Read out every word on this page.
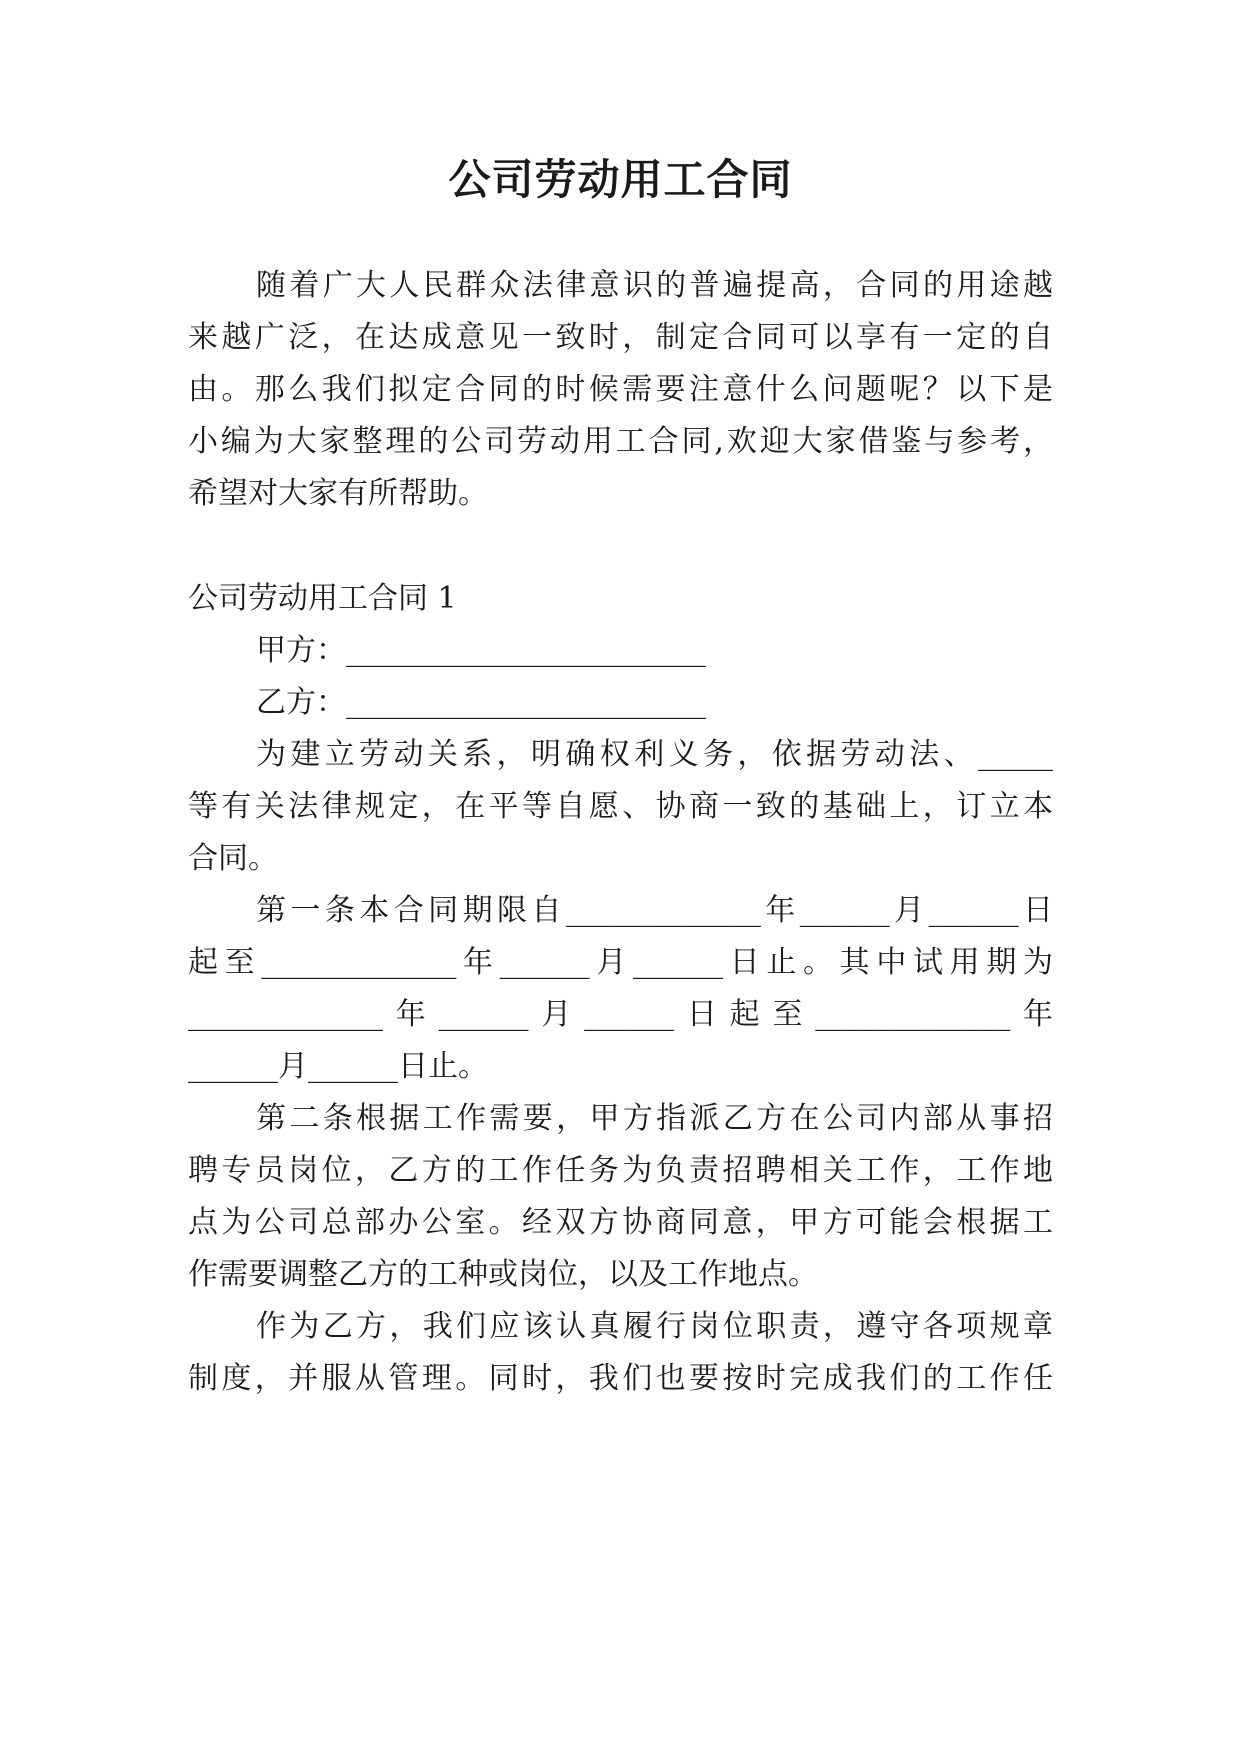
公司劳动用工合同
随着广大人民群众法律意识的普遍提高，合同的用途越
来越广泛，在达成意见一致时，制定合同可以享有一定的自
由。那么我们拟定合同的时候需要注意什么问题呢？以下是
小编为大家整理的公司劳动用工合同,欢迎大家借鉴与参考，
希望对大家有所帮助。
公司劳动用工合同 1
甲方：________________________
乙方：________________________
为建立劳动关系，明确权利义务，依据劳动法、_____
等有关法律规定，在平等自愿、协商一致的基础上，订立本
合同。
第一条本合同期限自_____________年______月______日
起至_____________年______月______日止。其中试用期为
_____________年______月______日起至_____________年
______月______日止。
第二条根据工作需要，甲方指派乙方在公司内部从事招
聘专员岗位，乙方的工作任务为负责招聘相关工作，工作地
点为公司总部办公室。经双方协商同意，甲方可能会根据工
作需要调整乙方的工种或岗位，以及工作地点。
作为乙方，我们应该认真履行岗位职责，遵守各项规章
制度，并服从管理。同时，我们也要按时完成我们的工作任
